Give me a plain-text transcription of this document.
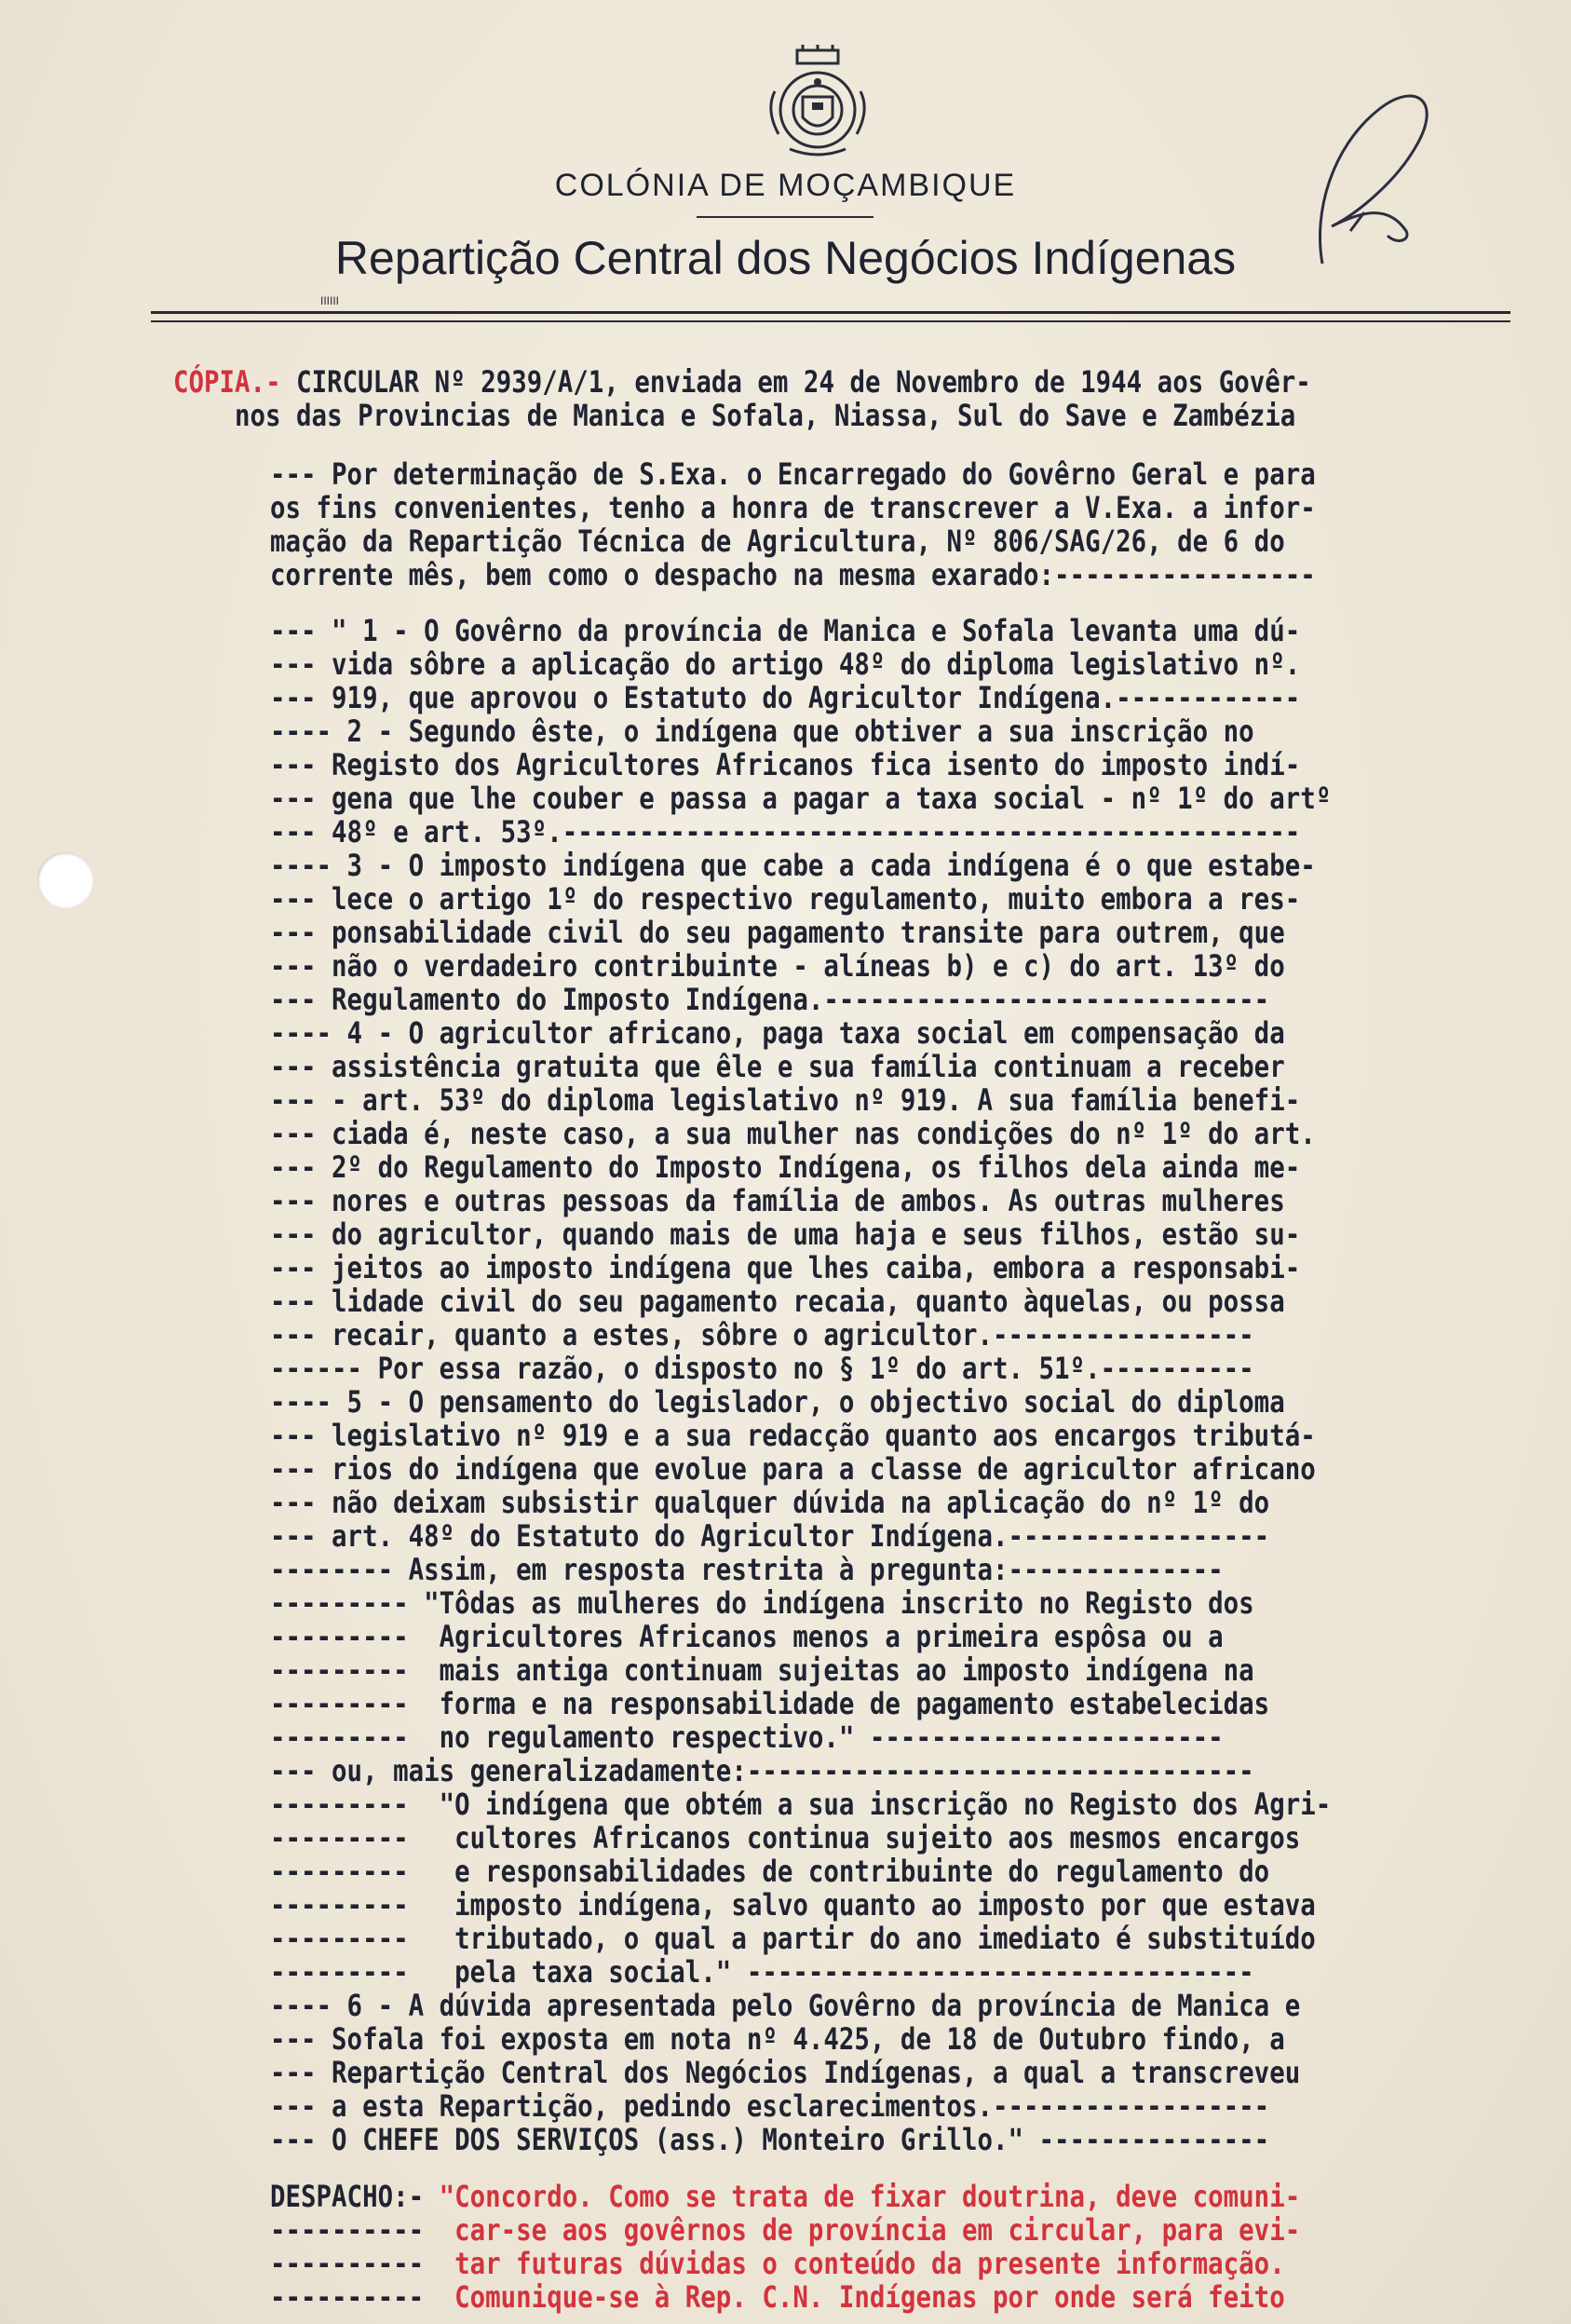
COLÓNIA DE MOÇAMBIQUE

Repartição Central dos Negócios Indígenas

IIIIII

CÓPIA.- CIRCULAR Nº 2939/A/1, enviada em 24 de Novembro de 1944 aos Govêr-

nos das Provincias de Manica e Sofala, Niassa, Sul do Save e Zambézia

--- Por determinação de S.Exa. o Encarregado do Govêrno Geral e para

os fins convenientes, tenho a honra de transcrever a V.Exa. a infor-

mação da Repartição Técnica de Agricultura, Nº 806/SAG/26, de 6 do

corrente mês, bem como o despacho na mesma exarado:-----------------

--- " 1 - O Govêrno da província de Manica e Sofala levanta uma dú-

--- vida sôbre a aplicação do artigo 48º do diploma legislativo nº.

--- 919, que aprovou o Estatuto do Agricultor Indígena.------------

---- 2 - Segundo êste, o indígena que obtiver a sua inscrição no

--- Registo dos Agricultores Africanos fica isento do imposto indí-

--- gena que lhe couber e passa a pagar a taxa social - nº 1º do artº

--- 48º e art. 53º.------------------------------------------------

---- 3 - O imposto indígena que cabe a cada indígena é o que estabe-

--- lece o artigo 1º do respectivo regulamento, muito embora a res-

--- ponsabilidade civil do seu pagamento transite para outrem, que

--- não o verdadeiro contribuinte - alíneas b) e c) do art. 13º do

--- Regulamento do Imposto Indígena.-----------------------------

---- 4 - O agricultor africano, paga taxa social em compensação da

--- assistência gratuita que êle e sua família continuam a receber

--- - art. 53º do diploma legislativo nº 919. A sua família benefi-

--- ciada é, neste caso, a sua mulher nas condições do nº 1º do art.

--- 2º do Regulamento do Imposto Indígena, os filhos dela ainda me-

--- nores e outras pessoas da família de ambos. As outras mulheres

--- do agricultor, quando mais de uma haja e seus filhos, estão su-

--- jeitos ao imposto indígena que lhes caiba, embora a responsabi-

--- lidade civil do seu pagamento recaia, quanto àquelas, ou possa

--- recair, quanto a estes, sôbre o agricultor.-----------------

------ Por essa razão, o disposto no § 1º do art. 51º.----------

---- 5 - O pensamento do legislador, o objectivo social do diploma

--- legislativo nº 919 e a sua redacção quanto aos encargos tributá-

--- rios do indígena que evolue para a classe de agricultor africano

--- não deixam subsistir qualquer dúvida na aplicação do nº 1º do

--- art. 48º do Estatuto do Agricultor Indígena.-----------------

-------- Assim, em resposta restrita à pregunta:--------------

--------- "Tôdas as mulheres do indígena inscrito no Registo dos

---------  Agricultores Africanos menos a primeira espôsa ou a

---------  mais antiga continuam sujeitas ao imposto indígena na

---------  forma e na responsabilidade de pagamento estabelecidas

---------  no regulamento respectivo." -----------------------

--- ou, mais generalizadamente:---------------------------------

---------  "O indígena que obtém a sua inscrição no Registo dos Agri-

---------   cultores Africanos continua sujeito aos mesmos encargos

---------   e responsabilidades de contribuinte do regulamento do

---------   imposto indígena, salvo quanto ao imposto por que estava

---------   tributado, o qual a partir do ano imediato é substituído

---------   pela taxa social." ---------------------------------

---- 6 - A dúvida apresentada pelo Govêrno da província de Manica e

--- Sofala foi exposta em nota nº 4.425, de 18 de Outubro findo, a

--- Repartição Central dos Negócios Indígenas, a qual a transcreveu

--- a esta Repartição, pedindo esclarecimentos.------------------

--- O CHEFE DOS SERVIÇOS (ass.) Monteiro Grillo." ---------------

DESPACHO:- "Concordo. Como se trata de fixar doutrina, deve comuni-

----------  car-se aos govêrnos de província em circular, para evi-

----------  tar futuras dúvidas o conteúdo da presente informação.

----------  Comunique-se à Rep. C.N. Indígenas por onde será feito
